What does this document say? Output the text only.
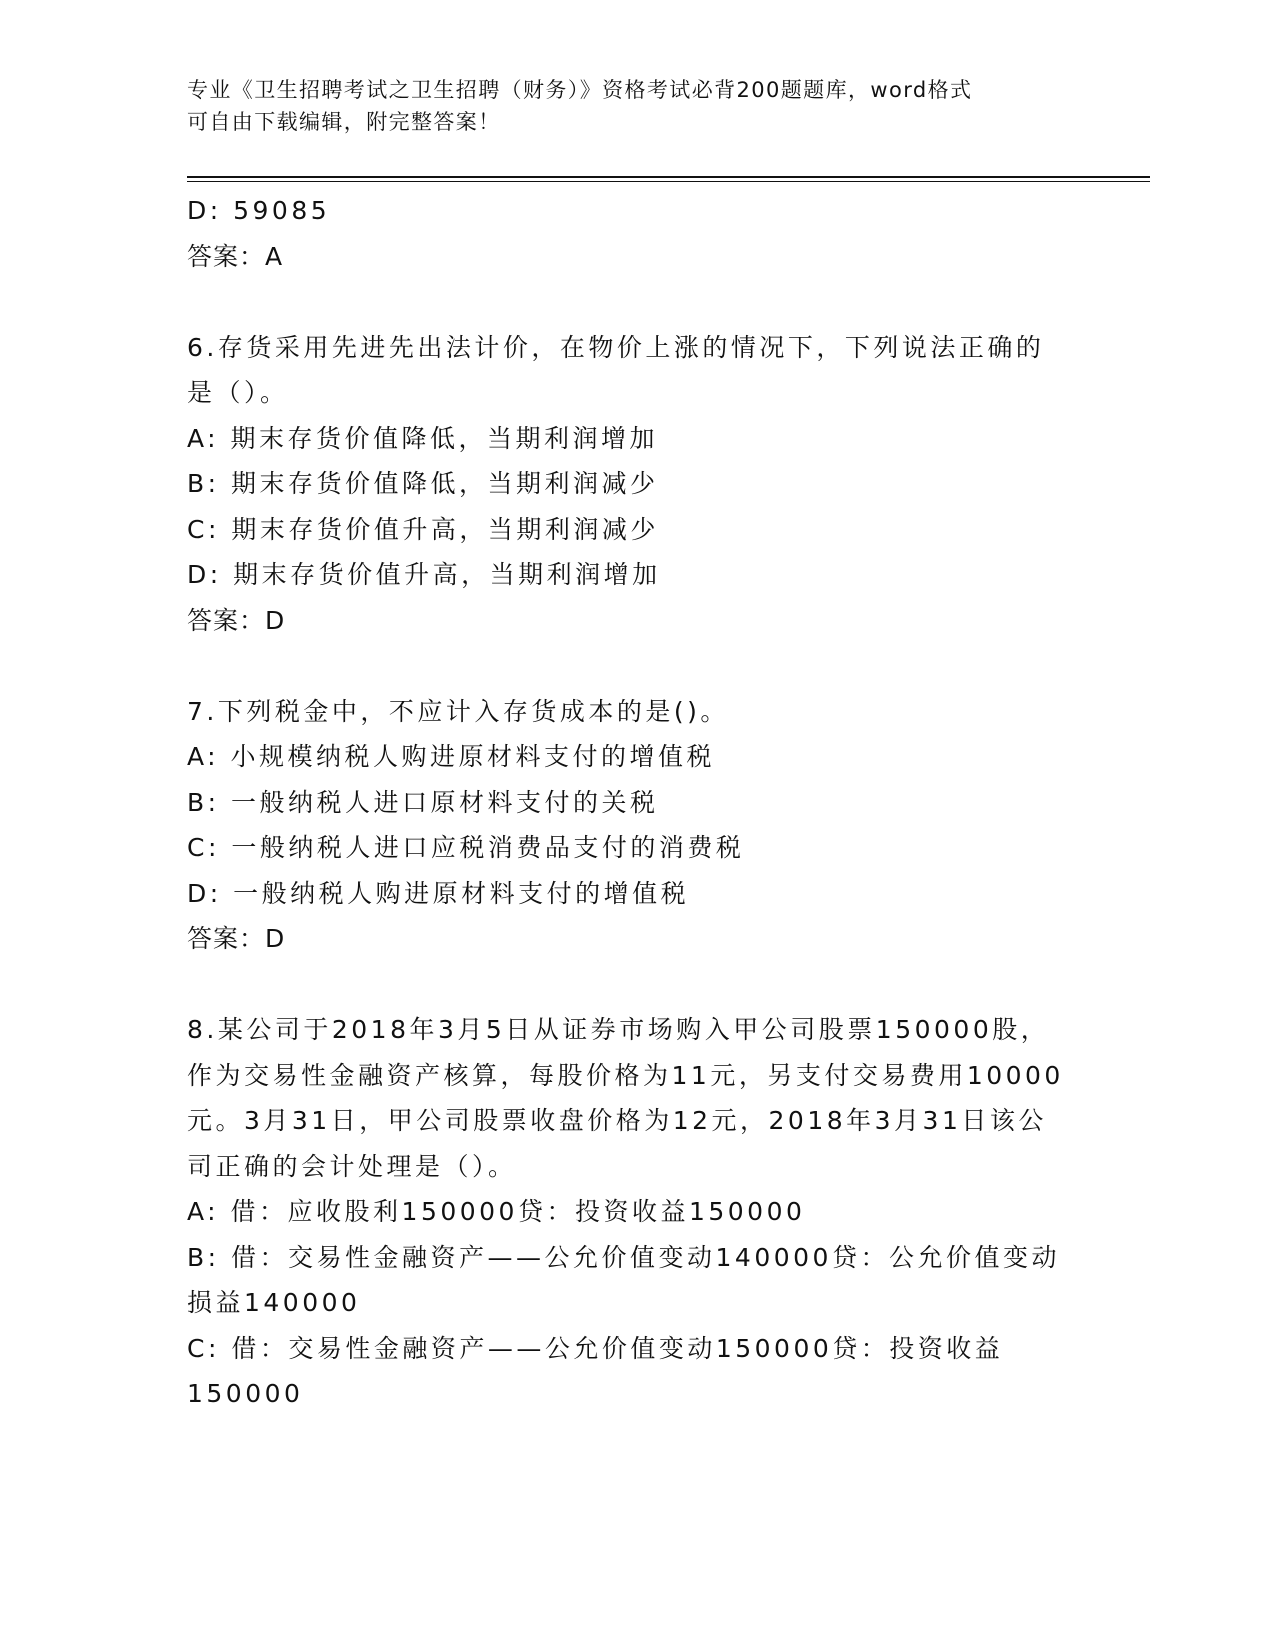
专业《卫生招聘考试之卫生招聘（财务）》资格考试必背200题题库，word格式
可自由下载编辑，附完整答案！
D: 59085
答案：A
6.存货采用先进先出法计价，在物价上涨的情况下，下列说法正确的
是（）。
A: 期末存货价值降低，当期利润增加
B: 期末存货价值降低，当期利润减少
C: 期末存货价值升高，当期利润减少
D: 期末存货价值升高，当期利润增加
答案：D
7.下列税金中，不应计入存货成本的是()。
A: 小规模纳税人购进原材料支付的增值税
B: 一般纳税人进口原材料支付的关税
C: 一般纳税人进口应税消费品支付的消费税
D: 一般纳税人购进原材料支付的增值税
答案：D
8.某公司于2018年3月5日从证券市场购入甲公司股票150000股，
作为交易性金融资产核算，每股价格为11元，另支付交易费用10000
元。3月31日，甲公司股票收盘价格为12元，2018年3月31日该公
司正确的会计处理是（）。
A: 借：应收股利150000贷：投资收益150000
B: 借：交易性金融资产——公允价值变动140000贷：公允价值变动
损益140000
C: 借：交易性金融资产——公允价值变动150000贷：投资收益
150000
